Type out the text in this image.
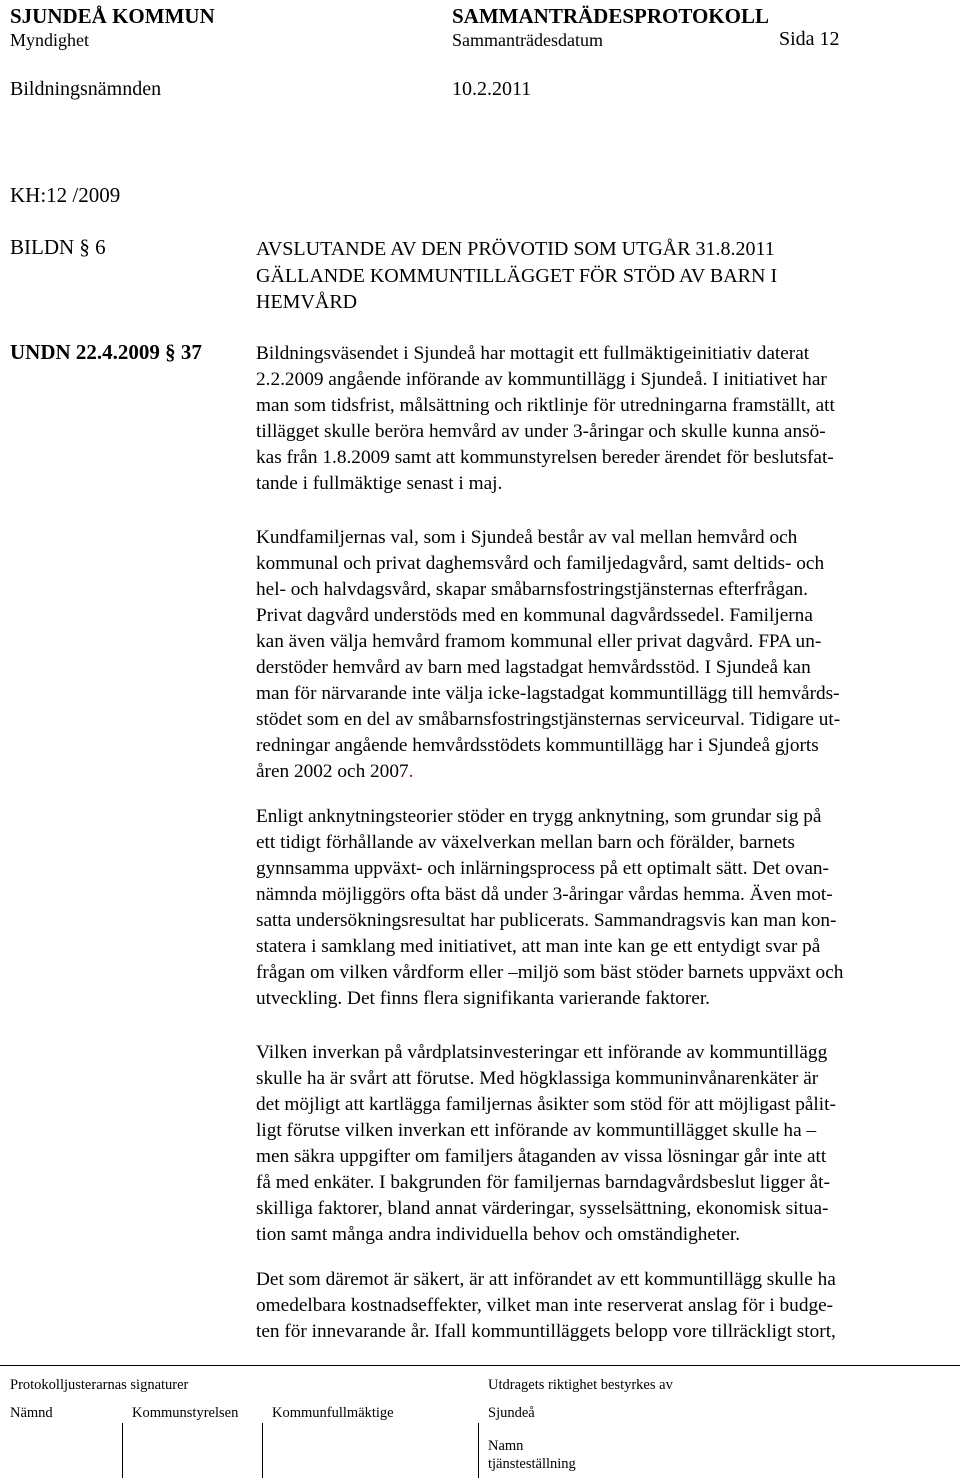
SJUNDEÅ KOMMUN	SAMMANTRÄDESPROTOKOLL
Myndighet	Sammanträdesdatum	Sida 12
Bildningsnämnden	10.2.2011
KH:12 /2009
BILDN § 6
UNDN 22.4.2009 § 37
AVSLUTANDE AV DEN PRÖVOTID SOM UTGÅR 31.8.2011
GÄLLANDE KOMMUNTILLÄGGET FÖR STÖD AV BARN I
HEMVÅRD
Bildningsväsendet i Sjundeå har mottagit ett fullmäktigeinitiativ daterat
2.2.2009 angående införande av kommuntillägg i Sjundeå. I initiativet har
man som tidsfrist, målsättning och riktlinje för utredningarna framställt, att
tillägget skulle beröra hemvård av under 3-åringar och skulle kunna ansö-
kas från 1.8.2009 samt att kommunstyrelsen bereder ärendet för beslutsfat-
tande i fullmäktige senast i maj.
Kundfamiljernas val, som i Sjundeå består av val mellan hemvård och
kommunal och privat daghemsvård och familjedagvård, samt deltids- och
hel- och halvdagsvård, skapar småbarnsfostringstjänsternas efterfrågan.
Privat dagvård understöds med en kommunal dagvårdssedel. Familjerna
kan även välja hemvård framom kommunal eller privat dagvård. FPA un-
derstöder hemvård av barn med lagstadgat hemvårdsstöd. I Sjundeå kan
man för närvarande inte välja icke-lagstadgat kommuntillägg till hemvårds-
stödet som en del av småbarnsfostringstjänsternas serviceurval. Tidigare ut-
redningar angående hemvårdsstödets kommuntillägg har i Sjundeå gjorts
åren 2002 och 2007.
Enligt anknytningsteorier stöder en trygg anknytning, som grundar sig på
ett tidigt förhållande av växelverkan mellan barn och förälder, barnets
gynnsamma uppväxt- och inlärningsprocess på ett optimalt sätt. Det ovan-
nämnda möjliggörs ofta bäst då under 3-åringar vårdas hemma. Även mot-
satta undersökningsresultat har publicerats. Sammandragsvis kan man kon-
statera i samklang med initiativet, att man inte kan ge ett entydigt svar på
frågan om vilken vårdform eller –miljö som bäst stöder barnets uppväxt och
utveckling. Det finns flera signifikanta varierande faktorer.
Vilken inverkan på vårdplatsinvesteringar ett införande av kommuntillägg
skulle ha är svårt att förutse. Med högklassiga kommuninvånarenkäter är
det möjligt att kartlägga familjernas åsikter som stöd för att möjligast pålit-
ligt förutse vilken inverkan ett införande av kommuntillägget skulle ha –
men säkra uppgifter om familjers åtaganden av vissa lösningar går inte att
få med enkäter. I bakgrunden för familjernas barndagvårdsbeslut ligger åt-
skilliga faktorer, bland annat värderingar, sysselsättning, ekonomisk situa-
tion samt många andra individuella behov och omständigheter.
Det som däremot är säkert, är att införandet av ett kommuntillägg skulle ha
omedelbara kostnadseffekter, vilket man inte reserverat anslag för i budge-
ten för innevarande år. Ifall kommuntilläggets belopp vore tillräckligt stort,
Protokolljusterarnas signaturer	Utdragets riktighet bestyrkes av
Nämnd	Kommunstyrelsen Kommunfullmäktige	Sjundeå
Namn
tjänsteställning
